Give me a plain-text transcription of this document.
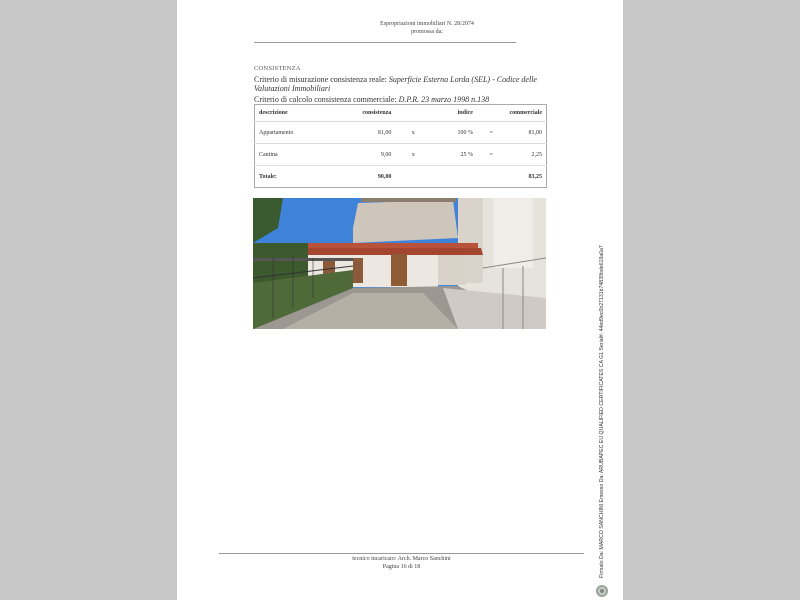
Espropriazioni immobiliari N. 28/2074
promossa da:
CONSISTENZA
Criterio di misurazione consistenza reale: Superficie Esterna Lorda (SEL) - Codice delle Valutazioni Immobiliari
Criterio di calcolo consistenza commerciale: D.P.R. 23 marzo 1998 n.138
descrizione	consistenza		indice		commerciale
Appartamento	81,00	x	100 %	=	81,00
Cantina	9,00	x	25 %	=	2,25
Totale:	90,00				83,25
tecnico incaricato: Arch. Marco Sanchini
Pagina 16 di 18
